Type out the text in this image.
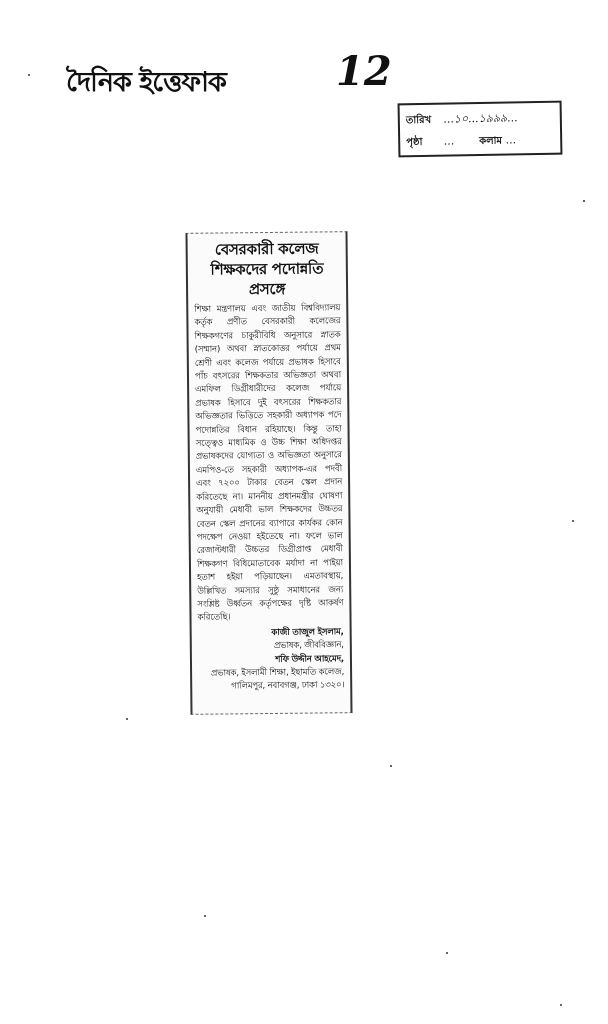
দৈনিক ইত্তেফাক	12
তারিখ ...১০...১৯৯৯...
পৃষ্ঠা ... কলাম ...
বেসরকারী কলেজ
শিক্ষকদের পদোন্নতি
প্রসঙ্গে
শিক্ষা মন্ত্রণালয় এবং জাতীয় বিশ্ববিদ্যালয় কর্তৃক প্রণীত বেসরকারী কলেজের শিক্ষকগণের চাকুরীবিধি অনুসারে স্নাতক (সম্মান) অথবা স্নাতকোত্তর পর্যায়ে প্রথম শ্রেণী এবং কলেজ পর্যায়ে প্রভাষক হিসাবে পাঁচ বৎসরের শিক্ষকতার অভিজ্ঞতা অথবা এমফিল ডিগ্রীধারীদের কলেজ পর্যায়ে প্রভাষক হিসাবে দুই বৎসরের শিক্ষকতার অভিজ্ঞতার ভিত্তিতে সহকারী অধ্যাপক পদে পদোন্নতির বিধান রহিয়াছে। কিন্তু তাহা সত্ত্বেও মাধ্যমিক ও উচ্চ শিক্ষা অধিদপ্তর প্রভাষকদের যোগ্যতা ও অভিজ্ঞতা অনুসারে এমপিও-তে সহকারী অধ্যাপক-এর পদবী এবং ৭২০০ টাকার বেতন স্কেল প্রদান করিতেছে না। মাননীয় প্রধানমন্ত্রীর ঘোষণা অনুযায়ী মেধাবী ভাল শিক্ষকদের উচ্চতর বেতন স্কেল প্রদানের ব্যাপারে কার্যকর কোন পদক্ষেপ নেওয়া হইতেছে না। ফলে ভাল রেজাল্টধারী উচ্চতর ডিগ্রীপ্রাপ্ত মেধাবী শিক্ষকগণ বিধিমোতাবেক মর্যাদা না পাইয়া হতাশ হইয়া পড়িয়াছেন। এমতাবস্থায়, উল্লিখিত সমস্যার সুষ্ঠু সমাধানের জন্য সংশ্লিষ্ট উর্ধ্বতন কর্তৃপক্ষের দৃষ্টি আকর্ষণ করিতেছি।
কাজী তাজুল ইসলাম,
প্রভাষক, জীববিজ্ঞান,
শফি উদ্দীন আহমেদ,
প্রভাষক, ইসলামী শিক্ষা, ইছামতি কলেজ,
গালিমপুর, নবাবগঞ্জ, ঢাকা ১৩২০।
